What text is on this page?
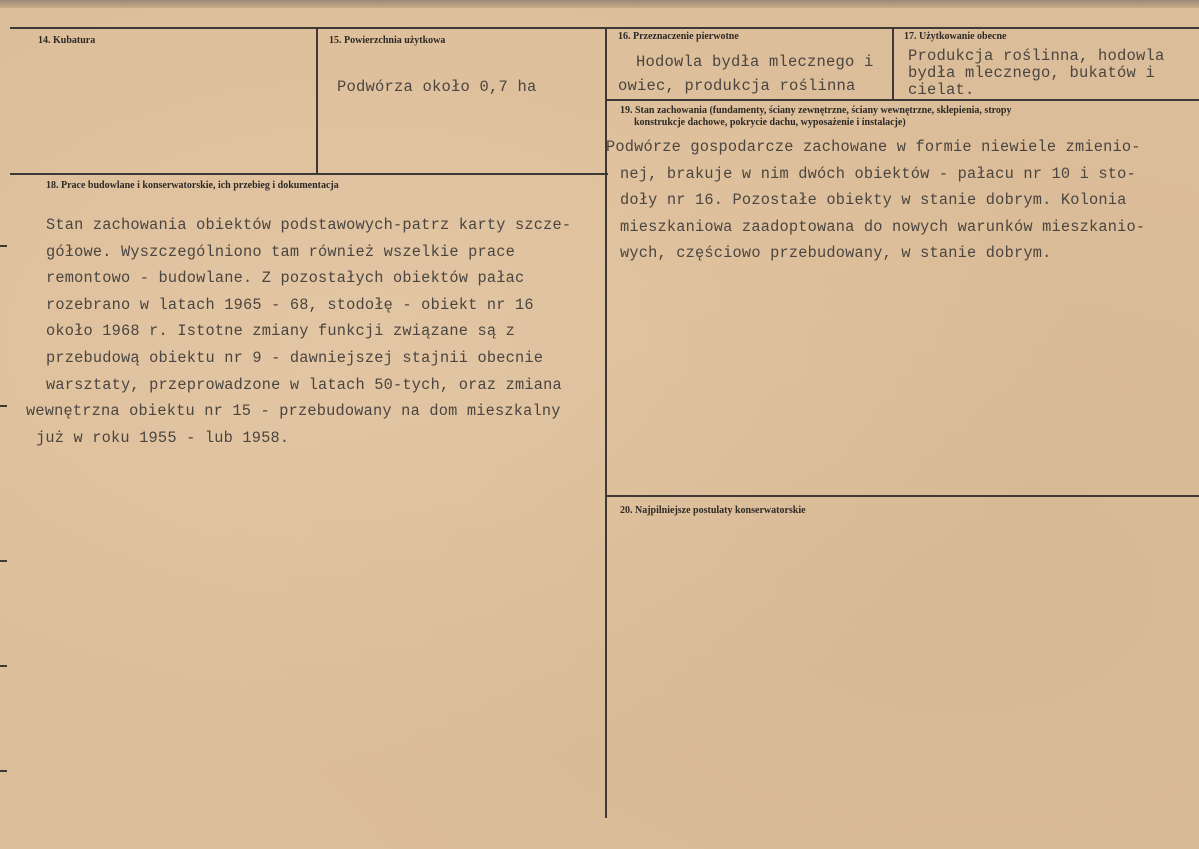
14. Kubatura	15. Powierzchnia użytkowa
Podwórza około 0,7 ha
16. Przeznaczenie pierwotne
Hodowla bydła mlecznego i
owiec, produkcja roślinna
17. Użytkowanie obecne
Produkcja roślinna, hodowla
bydła mlecznego, bukatów i
cielat.
18. Prace budowlane i konserwatorskie, ich przebieg i dokumentacja
Stan zachowania obiektów podstawowych-patrz karty szcze-
gółowe. Wyszczególniono tam również wszelkie prace
remontowo - budowlane. Z pozostałych obiektów pałac
rozebrano w latach 1965 - 68, stodołę - obiekt nr 16
około 1968 r. Istotne zmiany funkcji związane są z
przebudową obiektu nr 9 - dawniejszej stajnii obecnie
warsztaty, przeprowadzone w latach 50-tych, oraz zmiana
wewnętrzna obiektu nr 15 - przebudowany na dom mieszkalny
już w roku 1955 - lub 1958.
19. Stan zachowania (fundamenty, ściany zewnętrzne, ściany wewnętrzne, sklepienia, stropy
konstrukcje dachowe, pokrycie dachu, wyposażenie i instalacje)
Podwórze gospodarcze zachowane w formie niewiele zmienio-
nej, brakuje w nim dwóch obiektów - pałacu nr 10 i sto-
doły nr 16. Pozostałe obiekty w stanie dobrym. Kolonia
mieszkaniowa zaadoptowana do nowych warunków mieszkanio-
wych, częściowo przebudowany, w stanie dobrym.
20. Najpilniejsze postulaty konserwatorskie
